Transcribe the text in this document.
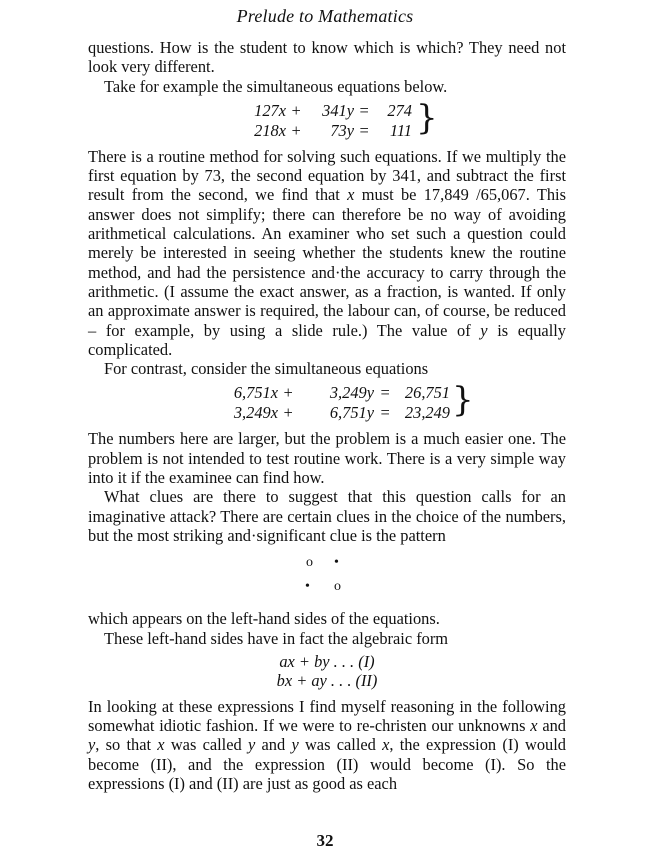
Prelude to Mathematics

questions. How is the student to know which is which? They need not look very different.

Take for example the simultaneous equations below.

127x +	341y =	274
218x +	73y =	111 }

There is a routine method for solving such equations. If we multiply the first equation by 73, the second equation by 341, and subtract the first result from the second, we find that x must be 17,849 /65,067. This answer does not simplify; there can therefore be no way of avoiding arithmetical calculations. An examiner who set such a question could merely be interested in seeing whether the students knew the routine method, and had the persistence and·the accuracy to carry through the arithmetic. (I assume the exact answer, as a fraction, is wanted. If only an approximate answer is required, the labour can, of course, be reduced – for example, by using a slide rule.) The value of y is equally complicated.

For contrast, consider the simultaneous equations

6,751x +	3,249y = 26,751
3,249x +	6,751y = 23,249 }

The numbers here are larger, but the problem is a much easier one. The problem is not intended to test routine work. There is a very simple way into it if the examinee can find how.

What clues are there to suggest that this question calls for an imaginative attack? There are certain clues in the choice of the numbers, but the most striking and·significant clue is the pattern

o •
• o

which appears on the left-hand sides of the equations.

These left-hand sides have in fact the algebraic form

ax + by . . . (I)
bx + ay . . . (II)

In looking at these expressions I find myself reasoning in the following somewhat idiotic fashion. If we were to re-christen our unknowns x and y, so that x was called y and y was called x, the expression (I) would become (II), and the expression (II) would become (I). So the expressions (I) and (II) are just as good as each

32
